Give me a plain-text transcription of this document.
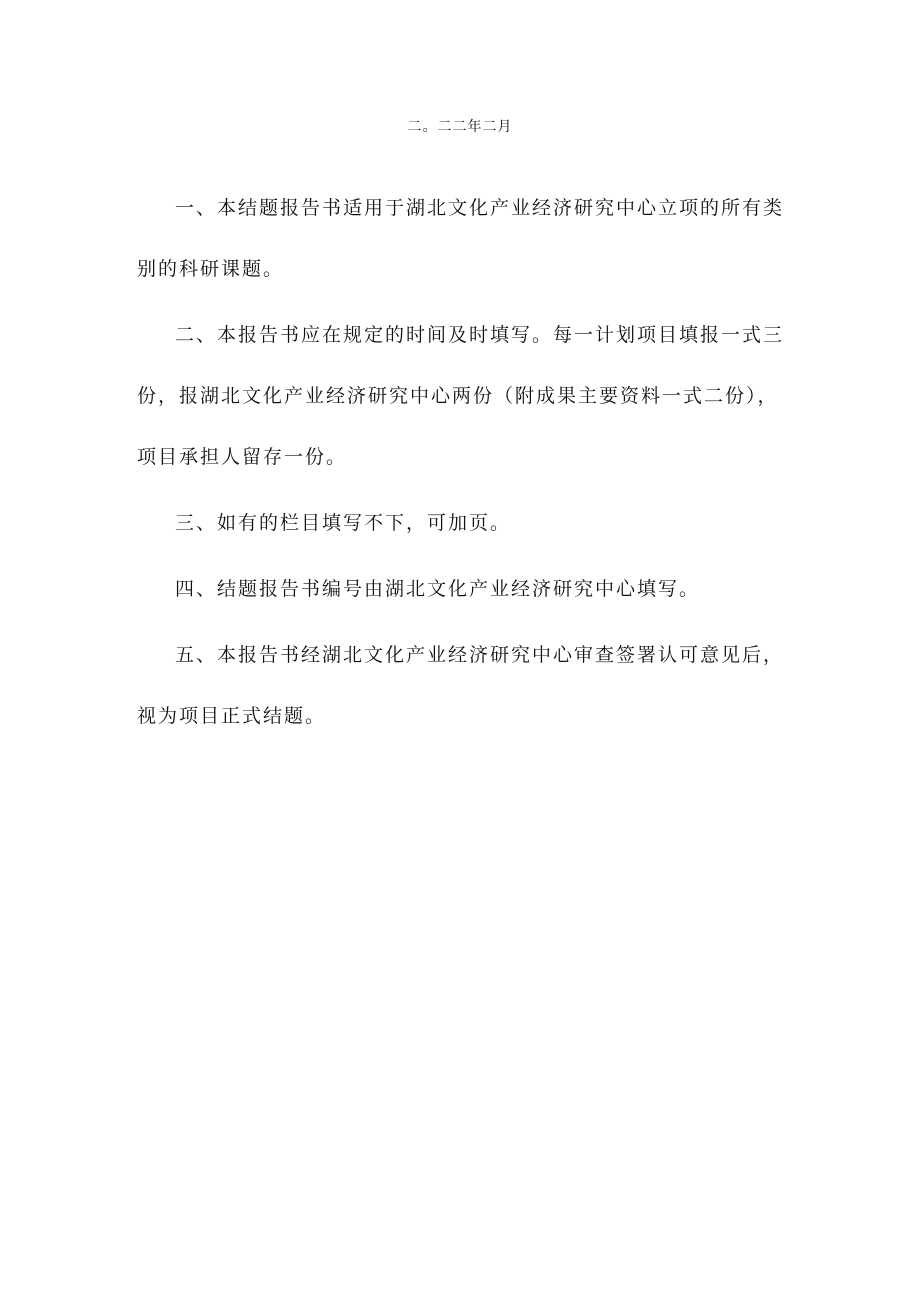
二。二二年二月

一、本结题报告书适用于湖北文化产业经济研究中心立项的所有类别的科研课题。

二、本报告书应在规定的时间及时填写。每一计划项目填报一式三份，报湖北文化产业经济研究中心两份（附成果主要资料一式二份），项目承担人留存一份。

三、如有的栏目填写不下，可加页。

四、结题报告书编号由湖北文化产业经济研究中心填写。

五、本报告书经湖北文化产业经济研究中心审查签署认可意见后，视为项目正式结题。
